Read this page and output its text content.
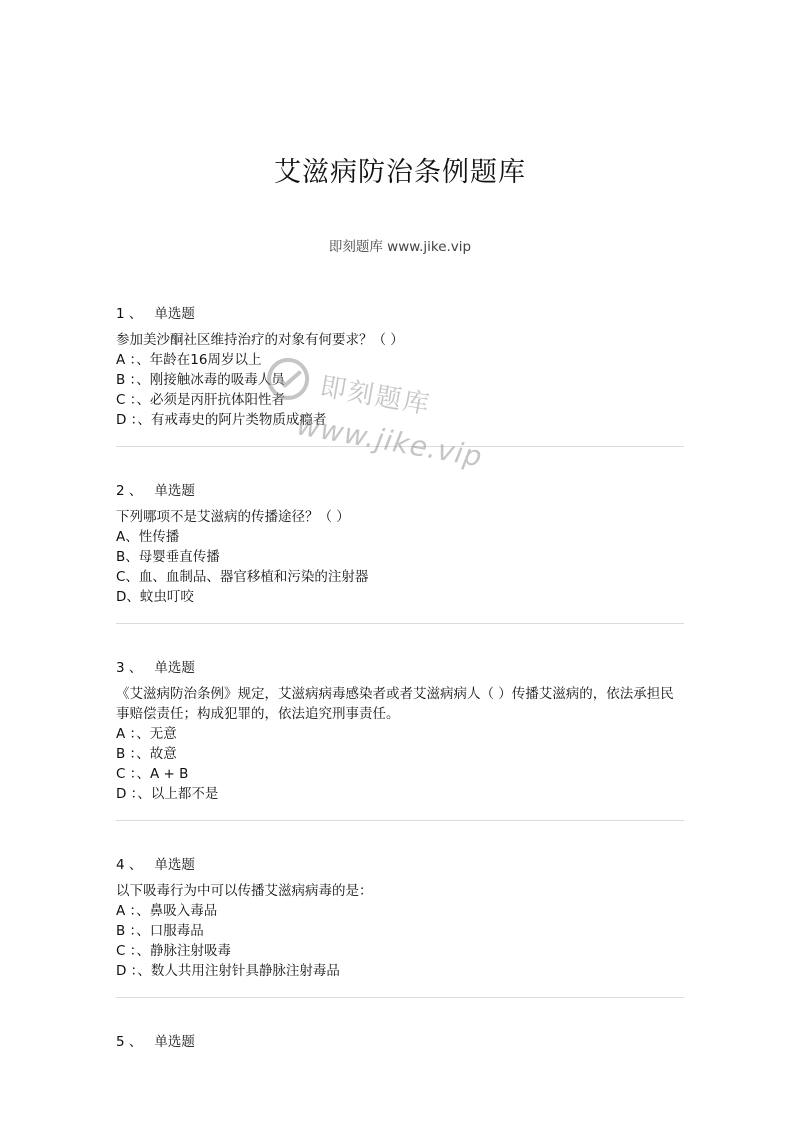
艾滋病防治条例题库
即刻题库 www.jike.vip
1 、 单选题
参加美沙酮社区维持治疗的对象有何要求？（ ）
A ：、年龄在16周岁以上
B ：、刚接触冰毒的吸毒人员
C ：、必须是丙肝抗体阳性者
D ：、有戒毒史的阿片类物质成瘾者
2 、 单选题
下列哪项不是艾滋病的传播途径？（ ）
A、性传播
B、母婴垂直传播
C、血、血制品、器官移植和污染的注射器
D、蚊虫叮咬
3 、 单选题
《艾滋病防治条例》规定，艾滋病病毒感染者或者艾滋病病人（ ）传播艾滋病的，依法承担民事赔偿责任；构成犯罪的，依法追究刑事责任。
A ：、无意
B ：、故意
C ：、A + B
D ：、以上都不是
4 、 单选题
以下吸毒行为中可以传播艾滋病病毒的是：
A ：、鼻吸入毒品
B ：、口服毒品
C ：、静脉注射吸毒
D ：、数人共用注射针具静脉注射毒品
5 、 单选题
即刻题库
www.jike.vip
